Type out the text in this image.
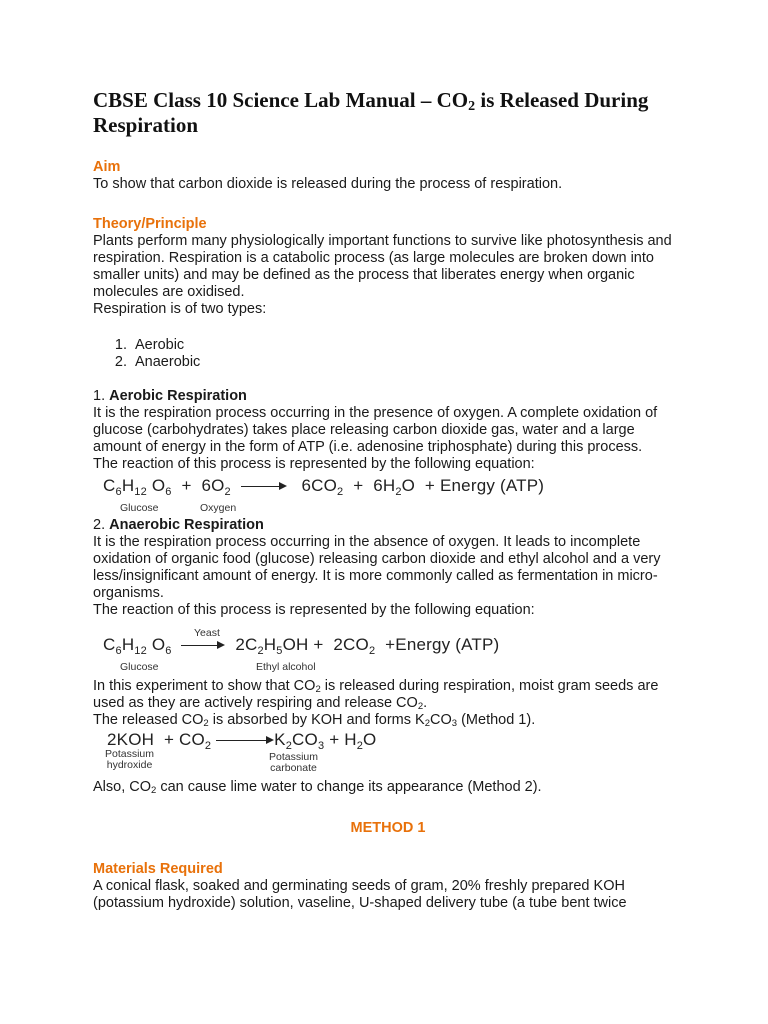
CBSE Class 10 Science Lab Manual – $CO_2$ is Released During Respiration

Aim

To show that carbon dioxide is released during the process of respiration.

Theory/Principle

Plants perform many physiologically important functions to survive like photosynthesis and respiration. Respiration is a catabolic process (as large molecules are broken down into smaller units) and may be defined as the process that liberates energy when organic molecules are oxidised.

Respiration is of two types:

1. Aerobic
2. Anaerobic

1. Aerobic Respiration

It is the respiration process occurring in the presence of oxygen. A complete oxidation of glucose (carbohydrates) takes place releasing carbon dioxide gas, water and a large amount of energy in the form of ATP (i.e. adenosine triphosphate) during this process.

The reaction of this process is represented by the following equation:

$C_6H_{12}$ $O_6 + 6O_2$	$6CO_2 + 6H_2O$  + Energy (ATP)
Glucose	Oxygen

2. Anaerobic Respiration

It is the respiration process occurring in the absence of oxygen. It leads to incomplete oxidation of organic food (glucose) releasing carbon dioxide and ethyl alcohol and a very less/insignificant amount of energy. It is more commonly called as fermentation in micro-organisms.

The reaction of this process is represented by the following equation:

Yeast
$C_6H_{12}$ $O_6$	$2C_2H_5OH + 2CO_2$  +Energy (ATP)
Glucose	Ethyl alcohol

In this experiment to show that $CO_2$ is released during respiration, moist gram seeds are used as they are actively respiring and release $CO_2$.

The released $CO_2$ is absorbed by KOH and forms $K_2CO_3$ (Method 1).

$2KOH + CO_2$	$K_2CO_3 + H_2O$
Potassium
hydroxide
Potassium
carbonate

Also, $CO_2$ can cause lime water to change its appearance (Method 2).

METHOD 1

Materials Required

A conical flask, soaked and germinating seeds of gram, 20% freshly prepared KOH (potassium hydroxide) solution, vaseline, U-shaped delivery tube (a tube bent twice
